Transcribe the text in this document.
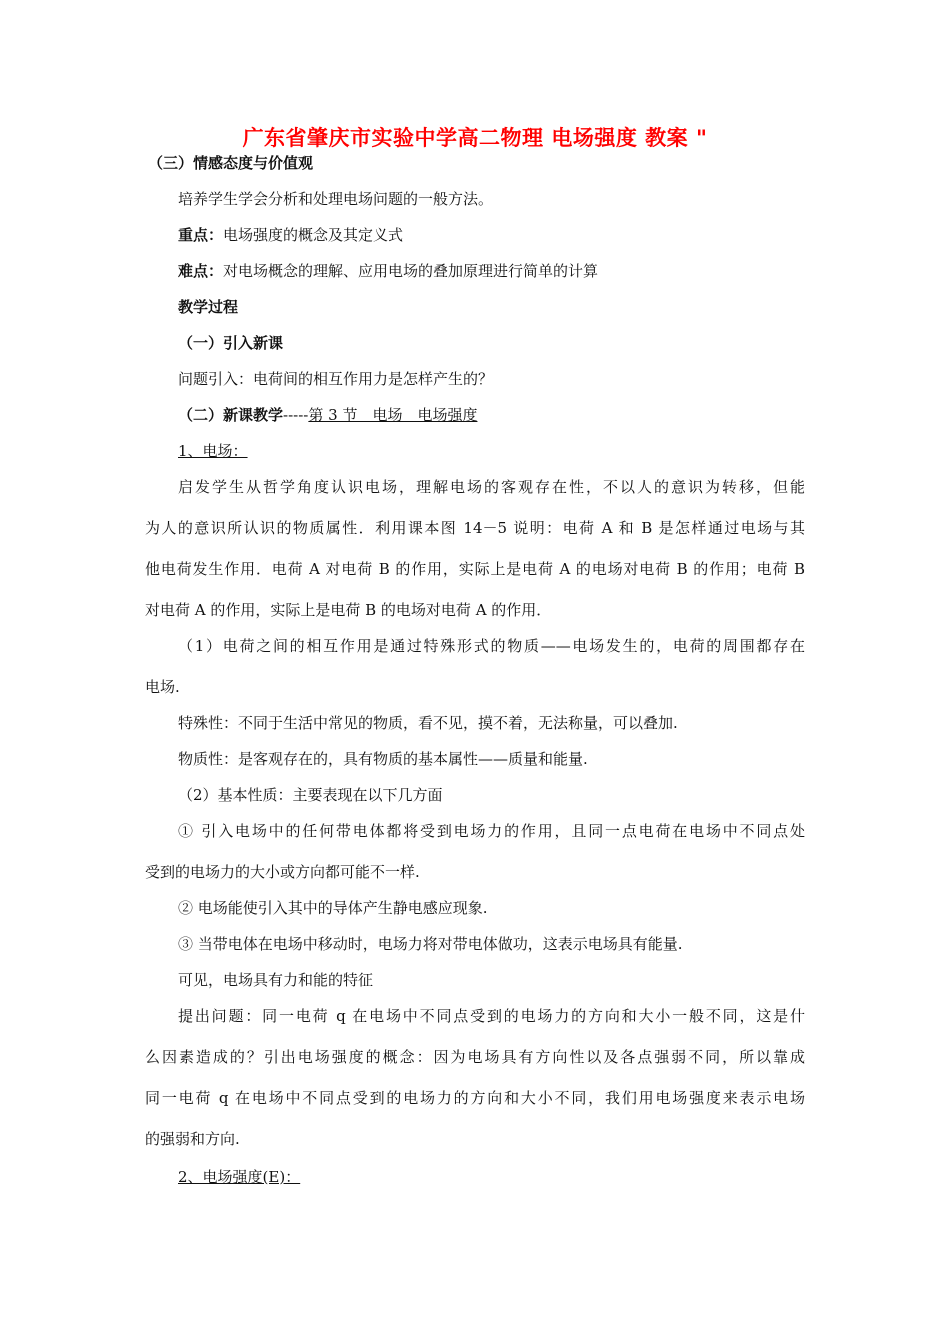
广东省肇庆市实验中学高二物理 电场强度 教案 "
（三）情感态度与价值观
培养学生学会分析和处理电场问题的一般方法。
重点：电场强度的概念及其定义式
难点：对电场概念的理解、应用电场的叠加原理进行简单的计算
教学过程
（一）引入新课
问题引入：电荷间的相互作用力是怎样产生的？
（二）新课教学-----第 3 节　电场　电场强度
1、电场：
启发学生从哲学角度认识电场，理解电场的客观存在性，不以人的意识为转移，但能
为人的意识所认识的物质属性．利用课本图 14－5 说明：电荷 A 和 B 是怎样通过电场与其
他电荷发生作用．电荷 A 对电荷 B 的作用，实际上是电荷 A 的电场对电荷 B 的作用；电荷 B
对电荷 A 的作用，实际上是电荷 B 的电场对电荷 A 的作用．
（1）电荷之间的相互作用是通过特殊形式的物质——电场发生的，电荷的周围都存在
电场.
特殊性：不同于生活中常见的物质，看不见，摸不着，无法称量，可以叠加.
物质性：是客观存在的，具有物质的基本属性——质量和能量.
（2）基本性质：主要表现在以下几方面
① 引入电场中的任何带电体都将受到电场力的作用，且同一点电荷在电场中不同点处
受到的电场力的大小或方向都可能不一样.
② 电场能使引入其中的导体产生静电感应现象.
③ 当带电体在电场中移动时，电场力将对带电体做功，这表示电场具有能量.
可见，电场具有力和能的特征
提出问题：同一电荷 q 在电场中不同点受到的电场力的方向和大小一般不同，这是什
么因素造成的？引出电场强度的概念：因为电场具有方向性以及各点强弱不同，所以靠成
同一电荷 q 在电场中不同点受到的电场力的方向和大小不同，我们用电场强度来表示电场
的强弱和方向.
2、电场强度(E)：
